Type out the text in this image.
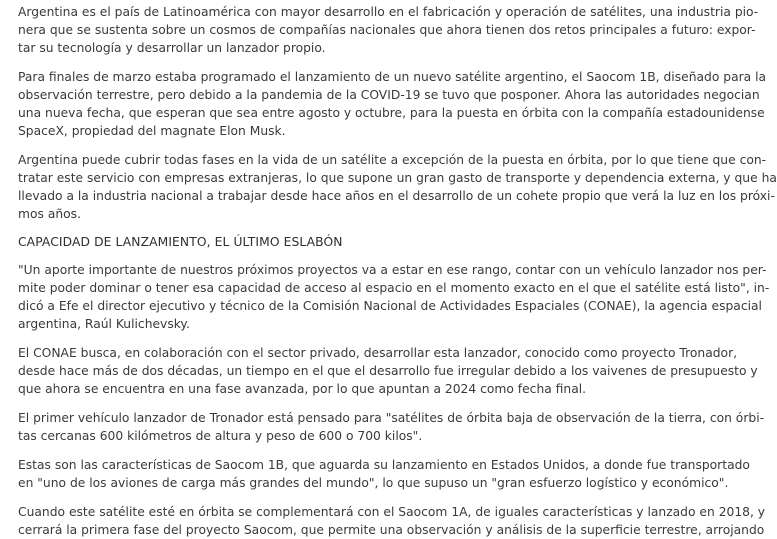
Argentina es el país de Latinoamérica con mayor desarrollo en el fabricación y operación de satélites, una industria pio-
nera que se sustenta sobre un cosmos de compañías nacionales que ahora tienen dos retos principales a futuro: expor-
tar su tecnología y desarrollar un lanzador propio.
Para finales de marzo estaba programado el lanzamiento de un nuevo satélite argentino, el Saocom 1B, diseñado para la
observación terrestre, pero debido a la pandemia de la COVID-19 se tuvo que posponer. Ahora las autoridades negocian
una nueva fecha, que esperan que sea entre agosto y octubre, para la puesta en órbita con la compañía estadounidense
SpaceX, propiedad del magnate Elon Musk.
Argentina puede cubrir todas fases en la vida de un satélite a excepción de la puesta en órbita, por lo que tiene que con-
tratar este servicio con empresas extranjeras, lo que supone un gran gasto de transporte y dependencia externa, y que ha
llevado a la industria nacional a trabajar desde hace años en el desarrollo de un cohete propio que verá la luz en los próxi-
mos años.
CAPACIDAD DE LANZAMIENTO, EL ÚLTIMO ESLABÓN
"Un aporte importante de nuestros próximos proyectos va a estar en ese rango, contar con un vehículo lanzador nos per-
mite poder dominar o tener esa capacidad de acceso al espacio en el momento exacto en el que el satélite está listo", in-
dicó a Efe el director ejecutivo y técnico de la Comisión Nacional de Actividades Espaciales (CONAE), la agencia espacial
argentina, Raúl Kulichevsky.
El CONAE busca, en colaboración con el sector privado, desarrollar esta lanzador, conocido como proyecto Tronador,
desde hace más de dos décadas, un tiempo en el que el desarrollo fue irregular debido a los vaivenes de presupuesto y
que ahora se encuentra en una fase avanzada, por lo que apuntan a 2024 como fecha final.
El primer vehículo lanzador de Tronador está pensado para "satélites de órbita baja de observación de la tierra, con órbi-
tas cercanas 600 kilómetros de altura y peso de 600 o 700 kilos".
Estas son las características de Saocom 1B, que aguarda su lanzamiento en Estados Unidos, a donde fue transportado
en "uno de los aviones de carga más grandes del mundo", lo que supuso un "gran esfuerzo logístico y económico".
Cuando este satélite esté en órbita se complementará con el Saocom 1A, de iguales características y lanzado en 2018, y
cerrará la primera fase del proyecto Saocom, que permite una observación y análisis de la superficie terrestre, arrojando
